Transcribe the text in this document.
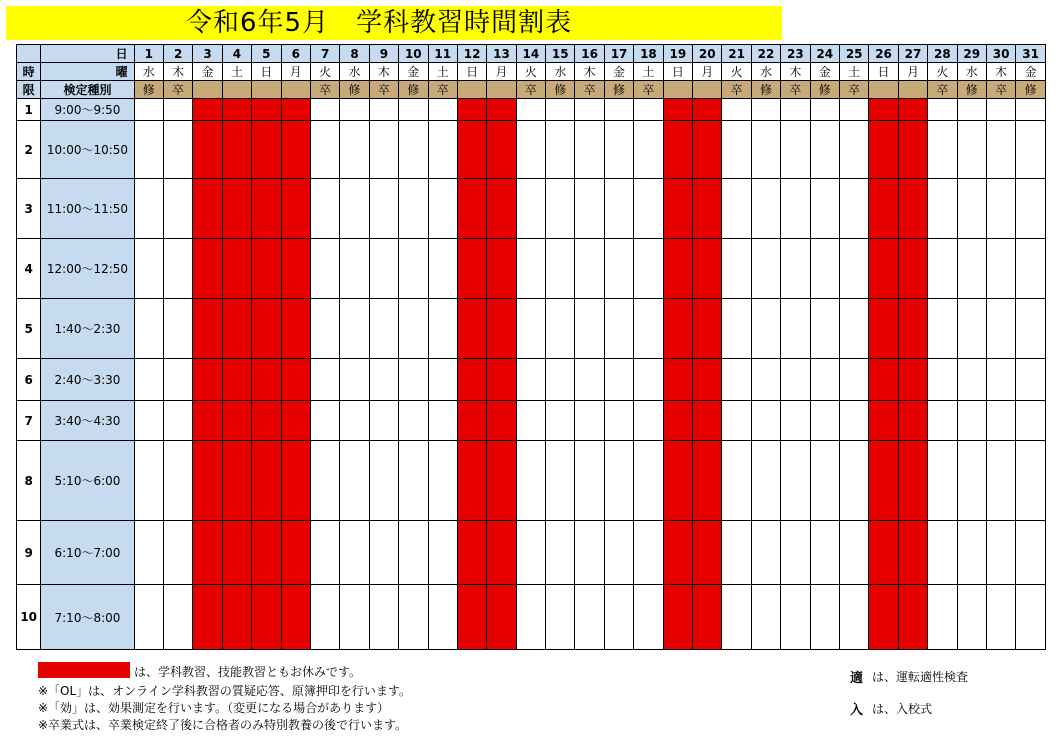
令和6年5月　学科教習時間割表
	日	1	2	3	4	5	6	7	8	9	10	11	12	13	14	15	16	17	18	19	20	21	22	23	24	25	26	27	28	29	30	31
時	曜	水	木	金	土	日	月	火	水	木	金	土	日	月	火	水	木	金	土	日	月	火	水	木	金	土	日	月	火	水	木	金
限	検定種別	修	卒					卒	修	卒	修	卒			卒	修	卒	修	卒			卒	修	卒	修	卒			卒	修	卒	修
1	9:00～9:50																															
2	10:00～10:50																															
3	11:00～11:50																															
4	12:00～12:50																															
5	1:40～2:30																															
6	2:40～3:30																															
7	3:40～4:30																															
8	5:10～6:00																															
9	6:10～7:00																															
10	7:10～8:00																															
は、学科教習、技能教習ともお休みです。
※「OL」は、オンライン学科教習の質疑応答、原簿押印を行います。
※「効」は、効果測定を行います。（変更になる場合があります）
※卒業式は、卒業検定終了後に合格者のみ特別教養の後で行います。
適 は、運転適性検査
入 は、入校式
